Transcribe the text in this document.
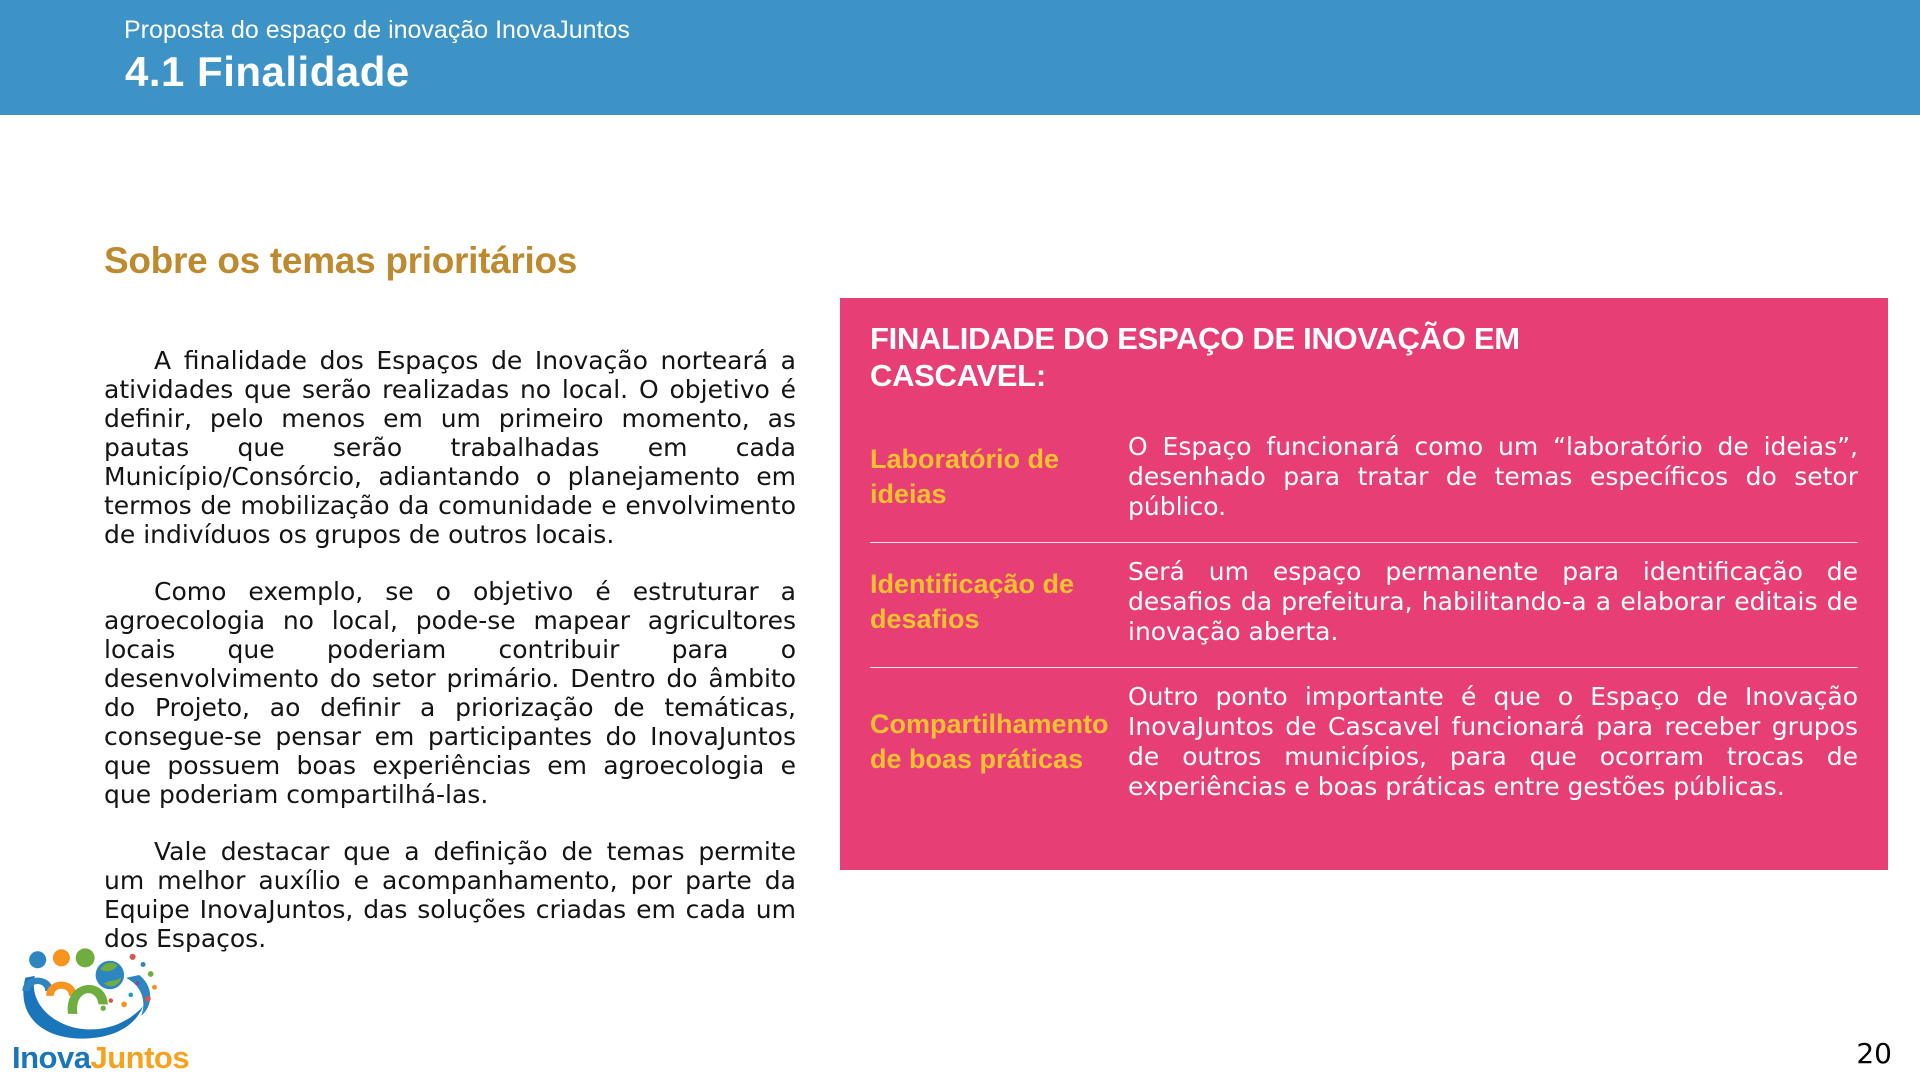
Proposta do espaço de inovação InovaJuntos
4.1 Finalidade
Sobre os temas prioritários

A finalidade dos Espaços de Inovação norteará a atividades que serão realizadas no local. O objetivo é definir, pelo menos em um primeiro momento, as pautas que serão trabalhadas em cada Município/Consórcio, adiantando o planejamento em termos de mobilização da comunidade e envolvimento de indivíduos os grupos de outros locais.

Como exemplo, se o objetivo é estruturar a agroecologia no local, pode-se mapear agricultores locais que poderiam contribuir para o desenvolvimento do setor primário. Dentro do âmbito do Projeto, ao definir a priorização de temáticas, consegue-se pensar em participantes do InovaJuntos que possuem boas experiências em agroecologia e que poderiam compartilhá-las.

Vale destacar que a definição de temas permite um melhor auxílio e acompanhamento, por parte da Equipe InovaJuntos, das soluções criadas em cada um dos Espaços.

FINALIDADE DO ESPAÇO DE INOVAÇÃO EM CASCAVEL:
Laboratório de ideias
O Espaço funcionará como um “laboratório de ideias”, desenhado para tratar de temas específicos do setor público.
Identificação de desafios
Será um espaço permanente para identificação de desafios da prefeitura, habilitando-a a elaborar editais de inovação aberta.
Compartilhamento de boas práticas
Outro ponto importante é que o Espaço de Inovação InovaJuntos de Cascavel funcionará para receber grupos de outros municípios, para que ocorram trocas de experiências e boas práticas entre gestões públicas.
InovaJuntos	20
